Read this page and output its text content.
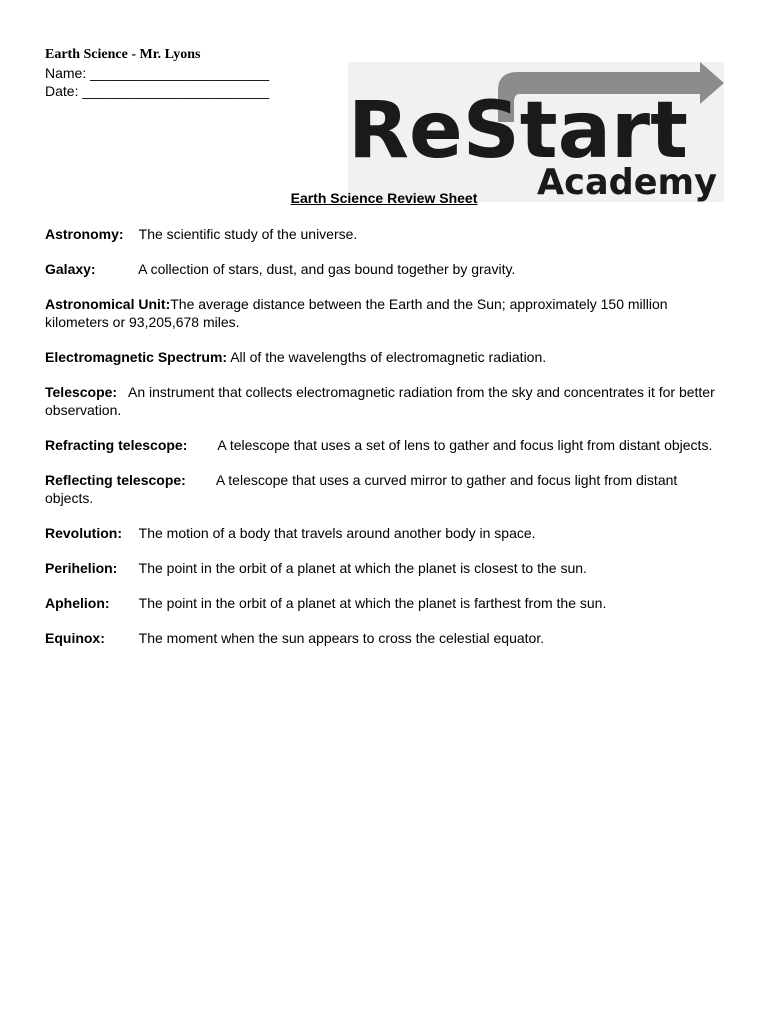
Earth Science - Mr. Lyons
Name: _______________________
Date: ________________________ ReStart
Academy
Earth Science Review Sheet
Astronomy: The scientific study of the universe.
Galaxy:	A collection of stars, dust, and gas bound together by gravity.
Astronomical Unit:The average distance between the Earth and the Sun; approximately 150 million kilometers or 93,205,678 miles.
Electromagnetic Spectrum: All of the wavelengths of electromagnetic radiation.
Telescope: An instrument that collects electromagnetic radiation from the sky and concentrates it for better observation.
Refracting telescope: A telescope that uses a set of lens to gather and focus light from distant objects.
Reflecting telescope: A telescope that uses a curved mirror to gather and focus light from distant objects.
Revolution: The motion of a body that travels around another body in space.
Perihelion: The point in the orbit of a planet at which the planet is closest to the sun.
Aphelion: The point in the orbit of a planet at which the planet is farthest from the sun.
Equinox: The moment when the sun appears to cross the celestial equator.
